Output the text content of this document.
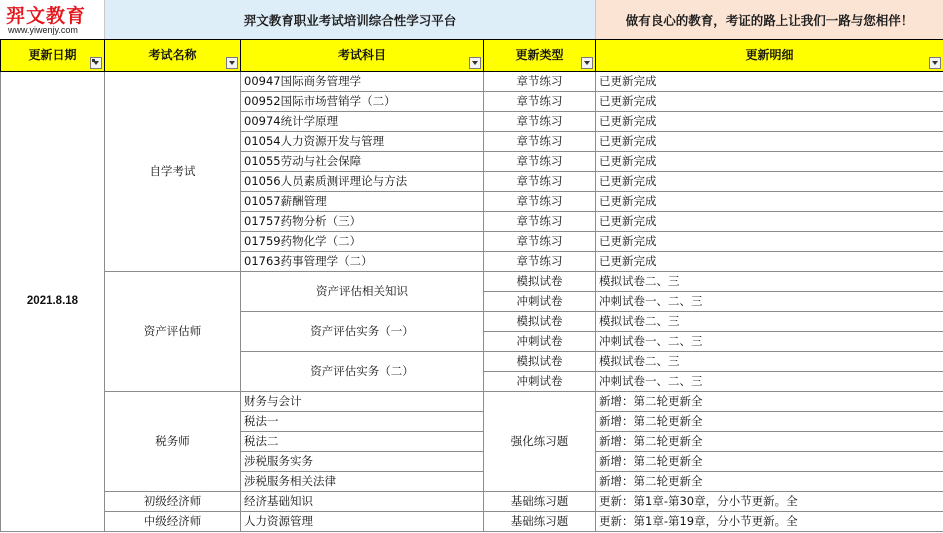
羿文教育
www.yiwenjy.com
羿文教育职业考试培训综合性学习平台	做有良心的教育，考证的路上让我们一路与您相伴！
更新日期	考试名称	考试科目	更新类型	更新明细

2021.8.18	自学考试	00947国际商务管理学	章节练习	已更新完成
		00952国际市场营销学（二）	章节练习	已更新完成
		00974统计学原理	章节练习	已更新完成
		01054人力资源开发与管理	章节练习	已更新完成
		01055劳动与社会保障	章节练习	已更新完成
		01056人员素质测评理论与方法	章节练习	已更新完成
		01057薪酬管理	章节练习	已更新完成
		01757药物分析（三）	章节练习	已更新完成
		01759药物化学（二）	章节练习	已更新完成
		01763药事管理学（二）	章节练习	已更新完成
	资产评估师	资产评估相关知识	模拟试卷	模拟试卷二、三
			冲刺试卷	冲刺试卷一、二、三
		资产评估实务（一）	模拟试卷	模拟试卷二、三
			冲刺试卷	冲刺试卷一、二、三
		资产评估实务（二）	模拟试卷	模拟试卷二、三
			冲刺试卷	冲刺试卷一、二、三
	税务师	财务与会计	强化练习题	新增：第二轮更新全
		税法一		新增：第二轮更新全
		税法二		新增：第二轮更新全
		涉税服务实务		新增：第二轮更新全
		涉税服务相关法律		新增：第二轮更新全
	初级经济师	经济基础知识	基础练习题	更新：第1章-第30章，分小节更新。全
	中级经济师	人力资源管理	基础练习题	更新：第1章-第19章，分小节更新。全
